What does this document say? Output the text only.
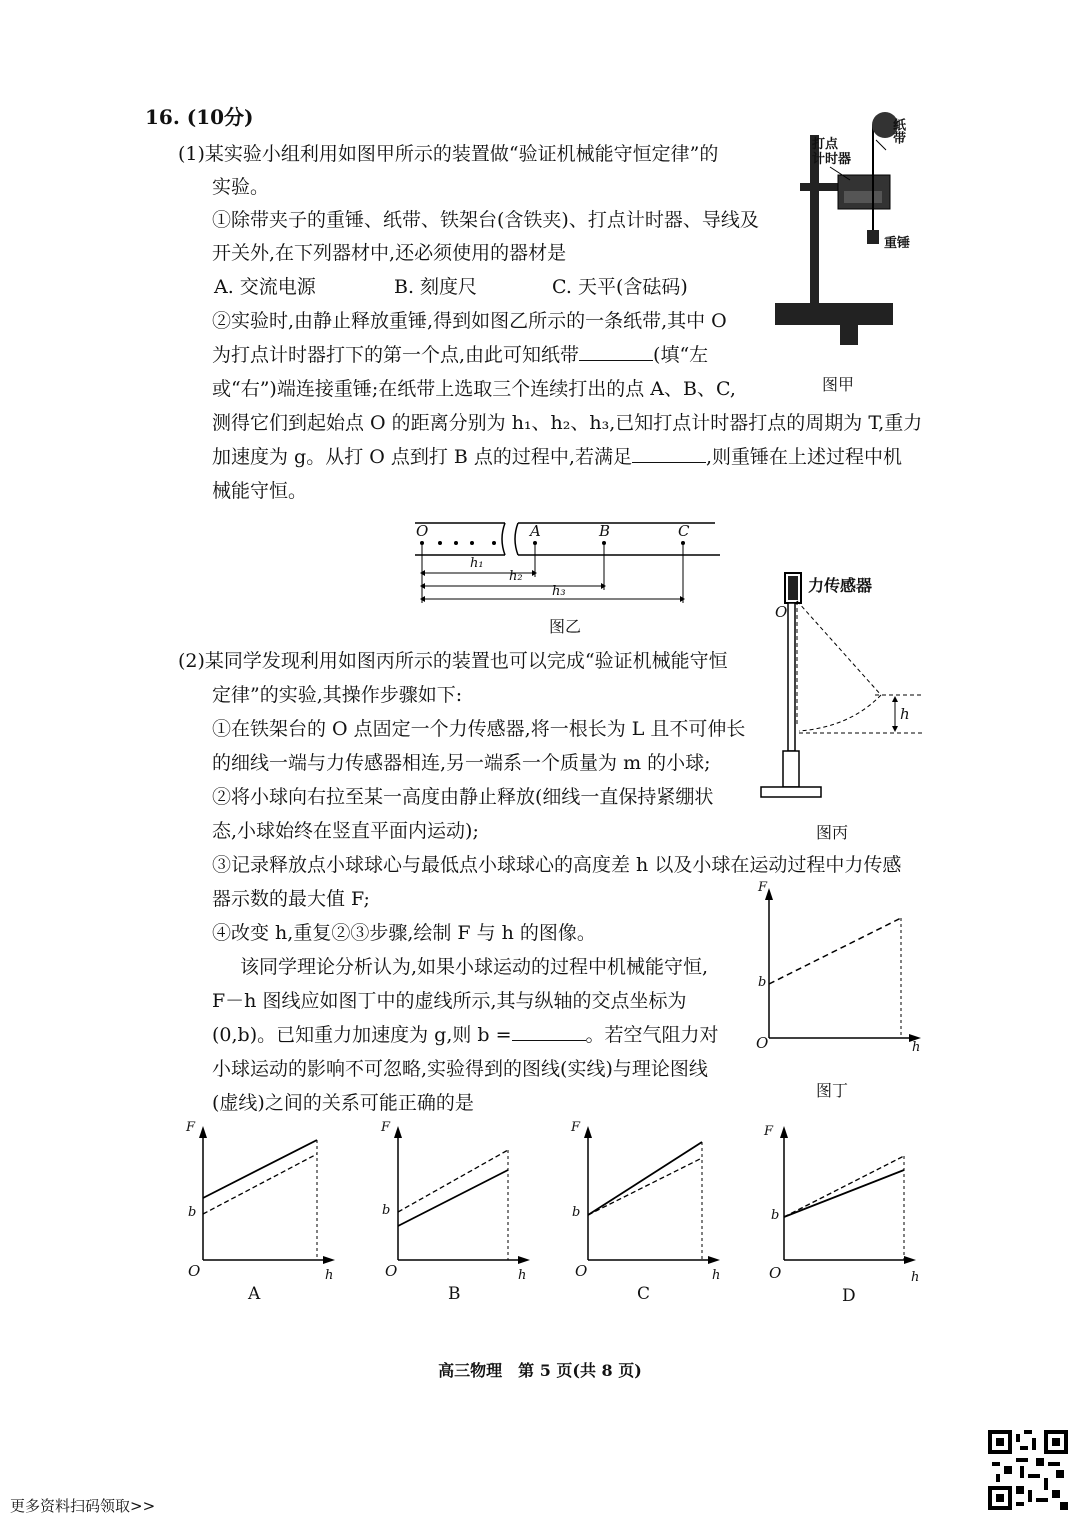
16. (10分)
(1)某实验小组利用如图甲所示的装置做“验证机械能守恒定律”的
实验。
①除带夹子的重锤、纸带、铁架台(含铁夹)、打点计时器、导线及
开关外,在下列器材中,还必须使用的器材是
A. 交流电源	B. 刻度尺	C. 天平(含砝码)
②实验时,由静止释放重锤,得到如图乙所示的一条纸带,其中 O
为打点计时器打下的第一个点,由此可知纸带	(填“左
或“右”)端连接重锤;在纸带上选取三个连续打出的点 A、B、C,
测得它们到起始点 O 的距离分别为 h₁、h₂、h₃,已知打点计时器打点的周期为 T,重力
加速度为 g。从打 O 点到打 B 点的过程中,若满足	,则重锤在上述过程中机
械能守恒。
(2)某同学发现利用如图丙所示的装置也可以完成“验证机械能守恒
定律”的实验,其操作步骤如下:
①在铁架台的 O 点固定一个力传感器,将一根长为 L 且不可伸长
的细线一端与力传感器相连,另一端系一个质量为 m 的小球;
②将小球向右拉至某一高度由静止释放(细线一直保持紧绷状
态,小球始终在竖直平面内运动);
③记录释放点小球球心与最低点小球球心的高度差 h 以及小球在运动过程中力传感
器示数的最大值 F;
④改变 h,重复②③步骤,绘制 F 与 h 的图像。
该同学理论分析认为,如果小球运动的过程中机械能守恒,
F－h 图线应如图丁中的虚线所示,其与纵轴的交点坐标为
(0,b)。已知重力加速度为 g,则 b =	。若空气阻力对
小球运动的影响不可忽略,实验得到的图线(实线)与理论图线
(虚线)之间的关系可能正确的是
打点
计时器
纸带
重锤
图甲
O	A	B	C
h₁
h₂
h₃
图乙
力传感器
O
h
图丙
F
b
O	h
图丁
F
b
O	h
A
F
b
O	h
B
F
b
O	h
C
F
b
O	h
D
高三物理　第 5 页(共 8 页)
更多资料扫码领取>>
